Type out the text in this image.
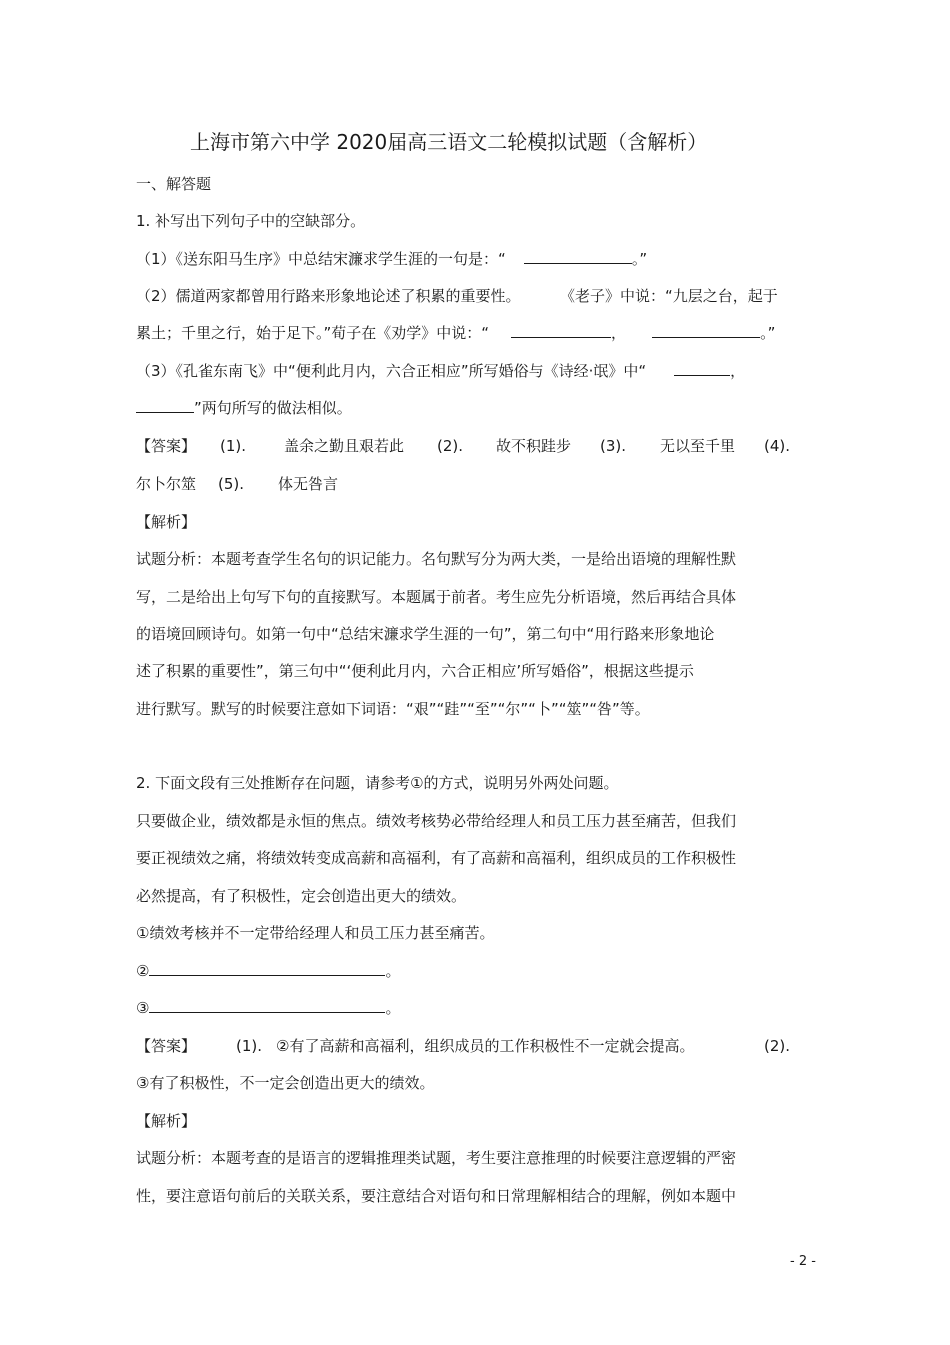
上海市第六中学 2020届高三语文二轮模拟试题（含解析）
一、解答题
1. 补写出下列句子中的空缺部分。
（1）《送东阳马生序》中总结宋濂求学生涯的一句是：“	。”
（2）儒道两家都曾用行路来形象地论述了积累的重要性。	《老子》中说：“九层之台，起于
累土；千里之行，始于足下。”荀子在《劝学》中说：“	，	。”
（3）《孔雀东南飞》中“便利此月内，六合正相应”所写婚俗与《诗经·氓》中“	，
”两句所写的做法相似。
【答案】 (1).	盖余之勤且艰若此 (2). 故不积跬步 (3). 无以至千里 (4).
尔卜尔筮 (5). 体无咎言
【解析】
试题分析：本题考查学生名句的识记能力。名句默写分为两大类，一是给出语境的理解性默
写，二是给出上句写下句的直接默写。本题属于前者。考生应先分析语境，然后再结合具体
的语境回顾诗句。如第一句中“总结宋濂求学生涯的一句”，第二句中“用行路来形象地论
述了积累的重要性”，第三句中“‘便利此月内，六合正相应’所写婚俗”，根据这些提示
进行默写。默写的时候要注意如下词语：“艰”“跬”“至”“尔”“卜”“筮”“咎”等。
2. 下面文段有三处推断存在问题，请参考①的方式，说明另外两处问题。
只要做企业，绩效都是永恒的焦点。绩效考核势必带给经理人和员工压力甚至痛苦，但我们
要正视绩效之痛，将绩效转变成高薪和高福利，有了高薪和高福利，组织成员的工作积极性
必然提高，有了积极性，定会创造出更大的绩效。
①绩效考核并不一定带给经理人和员工压力甚至痛苦。
②	。
③	。
【答案】	(1). ②有了高薪和高福利，组织成员的工作积极性不一定就会提高。	(2).
③有了积极性，不一定会创造出更大的绩效。
【解析】
试题分析：本题考查的是语言的逻辑推理类试题，考生要注意推理的时候要注意逻辑的严密
性，要注意语句前后的关联关系，要注意结合对语句和日常理解相结合的理解，例如本题中
- 2 -
